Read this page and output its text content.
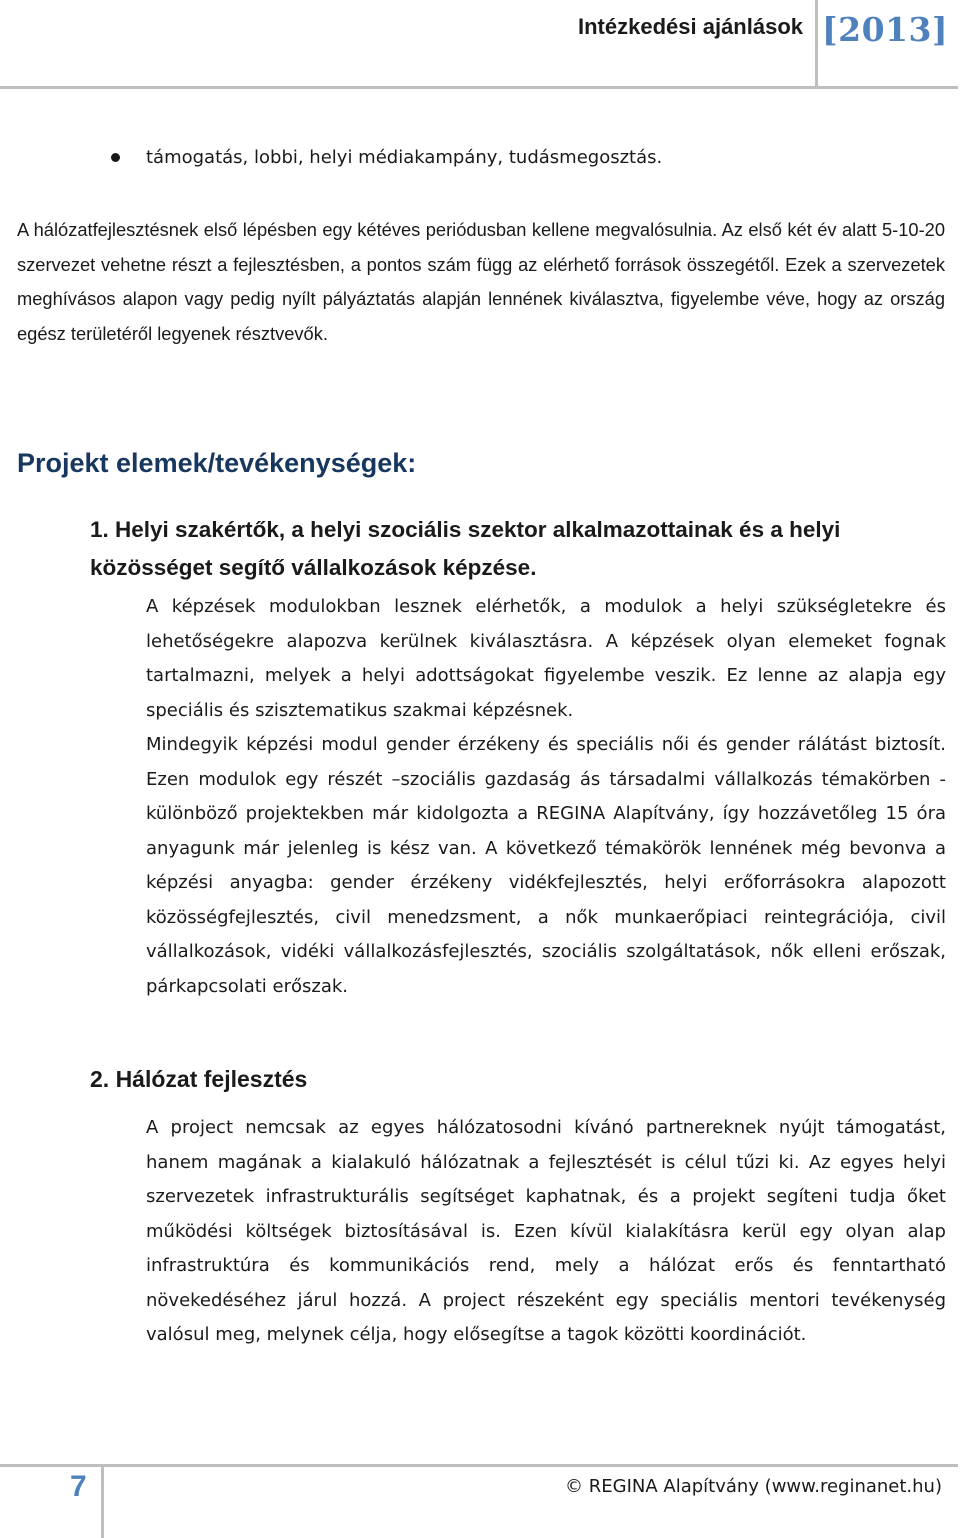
Intézkedési ajánlások [2013]
támogatás, lobbi, helyi médiakampány, tudásmegosztás.

A hálózatfejlesztésnek első lépésben egy kétéves periódusban kellene megvalósulnia. Az első két év alatt 5-10-20 szervezet vehetne részt a fejlesztésben, a pontos szám függ az elérhető források összegétől. Ezek a szervezetek meghívásos alapon vagy pedig nyílt pályáztatás alapján lennének kiválasztva, figyelembe véve, hogy az ország egész területéről legyenek résztvevők.

Projekt elemek/tevékenységek:
1. Helyi szakértők, a helyi szociális szektor alkalmazottainak és a helyi közösséget segítő vállalkozások képzése.
A képzések modulokban lesznek elérhetők, a modulok a helyi szükségletekre és lehetőségekre alapozva kerülnek kiválasztásra. A képzések olyan elemeket fognak tartalmazni, melyek a helyi adottságokat figyelembe veszik. Ez lenne az alapja egy speciális és szisztematikus szakmai képzésnek.
Mindegyik képzési modul gender érzékeny és speciális női és gender rálátást biztosít. Ezen modulok egy részét –szociális gazdaság ás társadalmi vállalkozás témakörben - különböző projektekben már kidolgozta a REGINA Alapítvány, így hozzávetőleg 15 óra anyagunk már jelenleg is kész van. A következő témakörök lennének még bevonva a képzési anyagba: gender érzékeny vidékfejlesztés, helyi erőforrásokra alapozott közösségfejlesztés, civil menedzsment, a nők munkaerőpiaci reintegrációja, civil vállalkozások, vidéki vállalkozásfejlesztés, szociális szolgáltatások, nők elleni erőszak, párkapcsolati erőszak.
2. Hálózat fejlesztés

A project nemcsak az egyes hálózatosodni kívánó partnereknek nyújt támogatást, hanem magának a kialakuló hálózatnak a fejlesztését is célul tűzi ki. Az egyes helyi szervezetek infrastrukturális segítséget kaphatnak, és a projekt segíteni tudja őket működési költségek biztosításával is. Ezen kívül kialakításra kerül egy olyan alap infrastruktúra és kommunikációs rend, mely a hálózat erős és fenntartható növekedéséhez járul hozzá. A project részeként egy speciális mentori tevékenység valósul meg, melynek célja, hogy elősegítse a tagok közötti koordinációt.

7	© REGINA Alapítvány (www.reginanet.hu)
